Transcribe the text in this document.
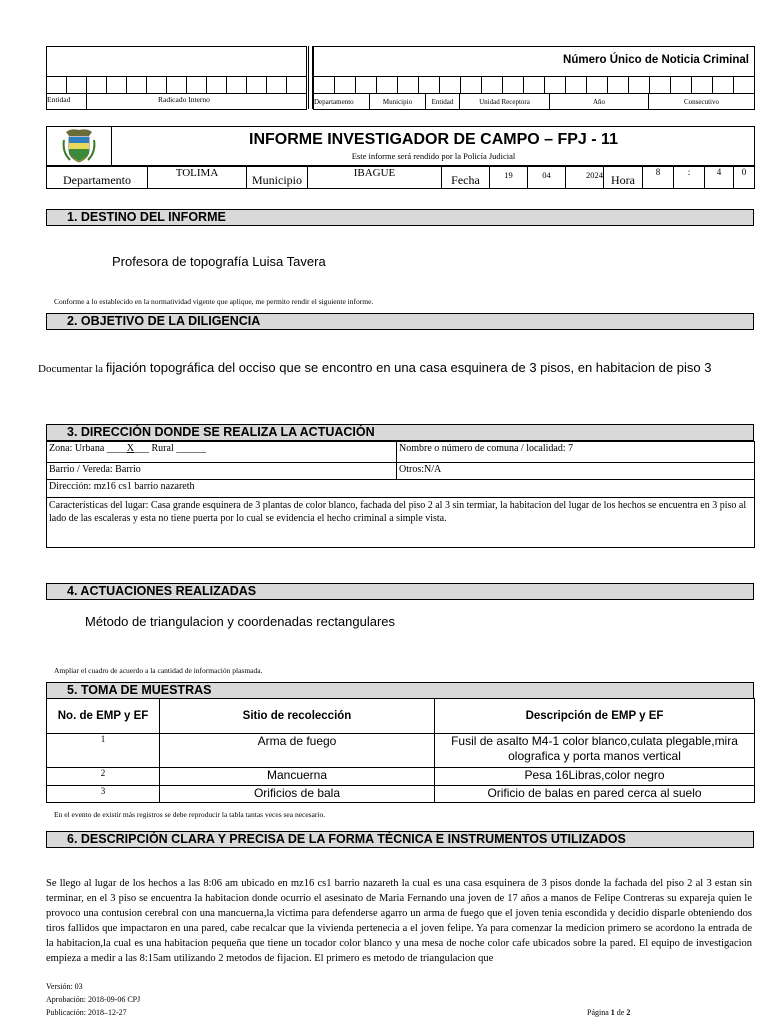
Entidad	Radicado Interno
Número Único de Noticia Criminal

Departamento	Municipio	Entidad	Unidad Receptora	Año	Consecutivo
INFORME INVESTIGADOR DE CAMPO – FPJ - 11
Este informe será rendido por la Policía Judicial
Departamento	TOLIMA	Municipio	IBAGUE	Fecha	19	04	2024	Hora	8	:	4	0
1. DESTINO DEL INFORME
Profesora de topografía Luisa Tavera
Conforme a lo establecido en la normatividad vigente que aplique, me permito rendir el siguiente informe.
2. OBJETIVO DE LA DILIGENCIA
Documentar la fijación topográfica del occiso que se encontro en una casa esquinera de 3 pisos, en habitacion de piso 3
3. DIRECCIÓN DONDE SE REALIZA LA ACTUACIÓN
Zona: Urbana ____X___ Rural ______	Nombre o número de comuna / localidad: 7
Barrio / Vereda: Barrio	Otros:N/A
Dirección: mz16 cs1 barrio nazareth	
Características del lugar: Casa grande esquinera de 3 plantas de color blanco, fachada del piso 2 al 3 sin termiar, la habitacion del lugar de los hechos se encuentra en 3 piso al lado de las escaleras y esta no tiene puerta por lo cual se evidencia el hecho criminal a simple vista.	
4. ACTUACIONES REALIZADAS
Método de triangulacion y coordenadas rectangulares
Ampliar el cuadro de acuerdo a la cantidad de información plasmada.
5. TOMA DE MUESTRAS
No. de EMP y EF	Sitio de recolección	Descripción de EMP y EF
1	Arma de fuego	Fusil de asalto M4-1 color blanco,culata plegable,mira olografica y porta manos vertical
2	Mancuerna	Pesa 16Libras,color negro
3	Orificios de bala	Orificio de balas en pared cerca al suelo
En el evento de existir más registros se debe reproducir la tabla tantas veces sea necesario.
6. DESCRIPCIÓN CLARA Y PRECISA DE LA FORMA TÉCNICA E INSTRUMENTOS UTILIZADOS
Se llego al lugar de los hechos a las 8:06 am ubicado en mz16 cs1 barrio nazareth la cual es una casa esquinera de 3 pisos donde la fachada del piso 2 al 3 estan sin terminar, en el 3 piso se encuentra la habitacion donde ocurrio el asesinato de Maria Fernando una joven de 17 años a manos de Felipe Contreras su expareja quien le provoco una contusion cerebral con una mancuerna,la victima para defenderse agarro un arma de fuego que el joven tenia escondida y decidio disparle obteniendo dos tiros fallidos que impactaron en una pared, cabe recalcar que la vivienda pertenecia a el joven felipe. Ya para comenzar la medicion primero se acordono la entrada de la habitacion,la cual es una habitacion pequeña que tiene un tocador color blanco y una mesa de noche color cafe ubicados sobre la pared. El equipo de investigacion empieza a medir a las 8:15am utilizando 2 metodos de fijacion. El primero es metodo de triangulacion que
Versión: 03
Aprobación: 2018-09-06 CPJ
Publicación: 2018–12-27	Página 1 de 2
